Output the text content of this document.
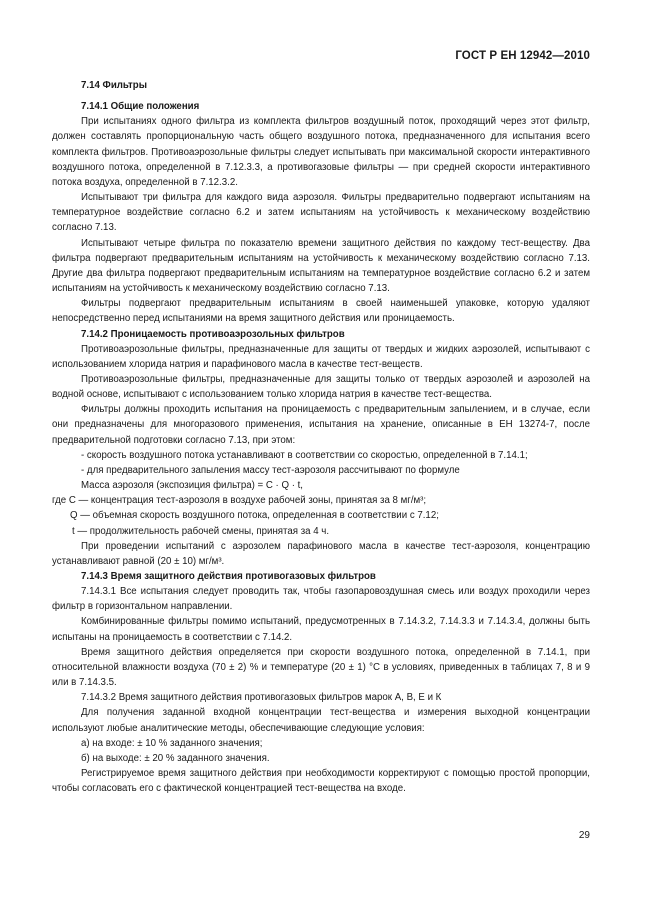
ГОСТ Р ЕН 12942—2010

7.14 Фильтры

7.14.1 Общие положения

При испытаниях одного фильтра из комплекта фильтров воздушный поток, проходящий через этот фильтр, должен составлять пропорциональную часть общего воздушного потока, предназначенного для испытания всего комплекта фильтров. Противоаэрозольные фильтры следует испытывать при максимальной скорости интерактивного воздушного потока, определенной в 7.12.3.3, а противогазовые фильтры — при средней скорости интерактивного потока воздуха, определенной в 7.12.3.2.

Испытывают три фильтра для каждого вида аэрозоля. Фильтры предварительно подвергают испытаниям на температурное воздействие согласно 6.2 и затем испытаниям на устойчивость к механическому воздействию согласно 7.13.

Испытывают четыре фильтра по показателю времени защитного действия по каждому тест-веществу. Два фильтра подвергают предварительным испытаниям на устойчивость к механическому воздействию согласно 7.13. Другие два фильтра подвергают предварительным испытаниям на температурное воздействие согласно 6.2 и затем испытаниям на устойчивость к механическому воздействию согласно 7.13.

Фильтры подвергают предварительным испытаниям в своей наименьшей упаковке, которую удаляют непосредственно перед испытаниями на время защитного действия или проницаемость.

7.14.2 Проницаемость противоаэрозольных фильтров

Противоаэрозольные фильтры, предназначенные для защиты от твердых и жидких аэрозолей, испытывают с использованием хлорида натрия и парафинового масла в качестве тест-веществ.

Противоаэрозольные фильтры, предназначенные для защиты только от твердых аэрозолей и аэрозолей на водной основе, испытывают с использованием только хлорида натрия в качестве тест-вещества.

Фильтры должны проходить испытания на проницаемость с предварительным запылением, и в случае, если они предназначены для многоразового применения, испытания на хранение, описанные в ЕН 13274-7, после предварительной подготовки согласно 7.13, при этом:

- скорость воздушного потока устанавливают в соответствии со скоростью, определенной в 7.14.1;

- для предварительного запыления массу тест-аэрозоля рассчитывают по формуле

Масса аэрозоля (экспозиция фильтра) = C · Q · t,

где C — концентрация тест-аэрозоля в воздухе рабочей зоны, принятая за 8 мг/м³;

Q — объемная скорость воздушного потока, определенная в соответствии с 7.12;

t — продолжительность рабочей смены, принятая за 4 ч.

При проведении испытаний с аэрозолем парафинового масла в качестве тест-аэрозоля, концентрацию устанавливают равной (20 ± 10) мг/м³.

7.14.3 Время защитного действия противогазовых фильтров

7.14.3.1 Все испытания следует проводить так, чтобы газопаровоздушная смесь или воздух проходили через фильтр в горизонтальном направлении.

Комбинированные фильтры помимо испытаний, предусмотренных в 7.14.3.2, 7.14.3.3 и 7.14.3.4, должны быть испытаны на проницаемость в соответствии с 7.14.2.

Время защитного действия определяется при скорости воздушного потока, определенной в 7.14.1, при относительной влажности воздуха (70 ± 2) % и температуре (20 ± 1) °С в условиях, приведенных в таблицах 7, 8 и 9 или в 7.14.3.5.

7.14.3.2 Время защитного действия противогазовых фильтров марок А, В, Е и К

Для получения заданной входной концентрации тест-вещества и измерения выходной концентрации используют любые аналитические методы, обеспечивающие следующие условия:

а) на входе: ± 10 % заданного значения;

б) на выходе: ± 20 % заданного значения.

Регистрируемое время защитного действия при необходимости корректируют с помощью простой пропорции, чтобы согласовать его с фактической концентрацией тест-вещества на входе.

29
